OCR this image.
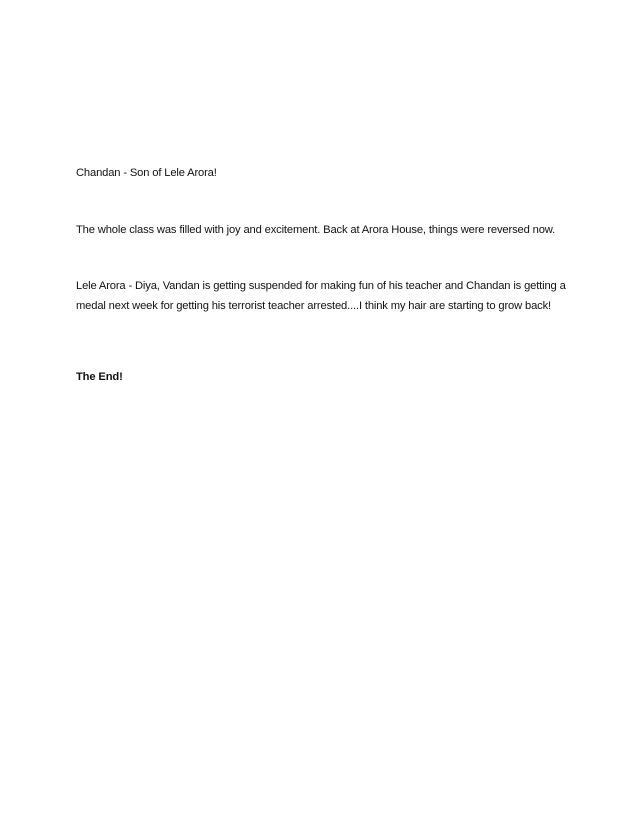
Chandan - Son of Lele Arora!

The whole class was filled with joy and excitement. Back at Arora House, things were reversed now.

Lele Arora - Diya, Vandan is getting suspended for making fun of his teacher and Chandan is getting a medal next week for getting his terrorist teacher arrested....I think my hair are starting to grow back!

The End!
